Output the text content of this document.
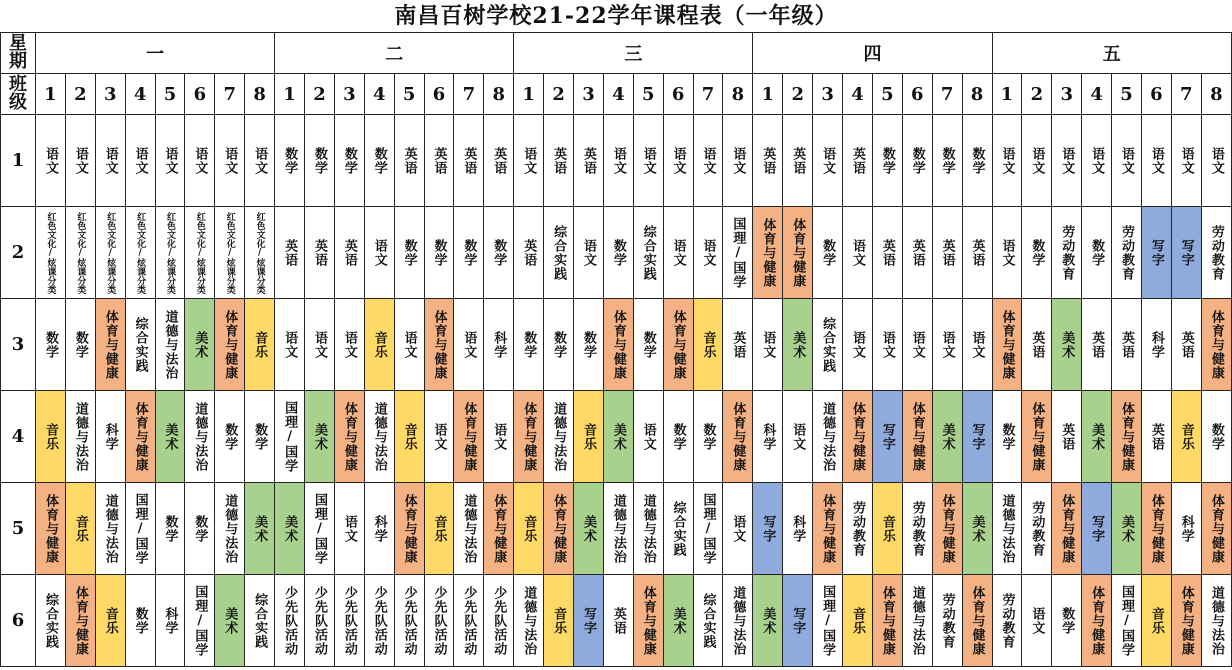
南昌百树学校21-22学年课程表（一年级）
星期	一								二								三								四								五							
班级	1	2	3	4	5	6	7	8	1	2	3	4	5	6	7	8	1	2	3	4	5	6	7	8	1	2	3	4	5	6	7	8	1	2	3	4	5	6	7	8
1	语文	语文	语文	语文	语文	语文	语文	语文	数学	数学	数学	数学	英语	英语	英语	英语	语文	英语	英语	语文	语文	语文	语文	语文	英语	英语	语文	英语	数学	数学	数学	数学	语文	语文	语文	语文	语文	语文	语文	语文

2	红色文化/炫课分类	红色文化/炫课分类	红色文化/炫课分类	红色文化/炫课分类	红色文化/炫课分类	红色文化/炫课分类	红色文化/炫课分类	红色文化/炫课分类	英语	英语	英语	语文	数学	数学	数学	数学	英语	综合实践	语文	数学	综合实践	语文	语文	国理/国学	体育与健康	体育与健康	数学	语文	英语	英语	英语	英语	语文	数学	劳动教育	数学	劳动教育	写字	写字	劳动教育

3	数学	数学	体育与健康	综合实践	道德与法治	美术	体育与健康	音乐	语文	语文	语文	音乐	语文	体育与健康	语文	科学	数学	数学	数学	体育与健康	数学	体育与健康	音乐	英语	语文	美术	综合实践	语文	语文	语文	语文	语文	体育与健康	英语	美术	英语	英语	科学	英语	体育与健康

4	音乐	道德与法治	科学	体育与健康	美术	道德与法治	数学	数学	国理/国学	美术	体育与健康	道德与法治	音乐	语文	体育与健康	语文	体育与健康	道德与法治	音乐	美术	语文	数学	数学	体育与健康	科学	语文	道德与法治	体育与健康	写字	体育与健康	美术	写字	数学	体育与健康	英语	美术	体育与健康	英语	音乐	数学

5	体育与健康	音乐	道德与法治	国理/国学	数学	数学	道德与法治	美术	美术	国理/国学	语文	科学	体育与健康	音乐	道德与法治	体育与健康	音乐	体育与健康	美术	道德与法治	道德与法治	综合实践	国理/国学	语文	写字	科学	体育与健康	劳动教育	音乐	劳动教育	体育与健康	美术	道德与法治	劳动教育	体育与健康	写字	美术	体育与健康	科学	体育与健康

6	综合实践	体育与健康	音乐	数学	科学	国理/国学	美术	综合实践	少先队活动	少先队活动	少先队活动	少先队活动	少先队活动	少先队活动	少先队活动	少先队活动	道德与法治	音乐	写字	英语	体育与健康	美术	综合实践	道德与法治	美术	写字	国理/国学	音乐	体育与健康	道德与法治	劳动教育	体育与健康	劳动教育	语文	数学	体育与健康	国理/国学	音乐	体育与健康	道德与法治
